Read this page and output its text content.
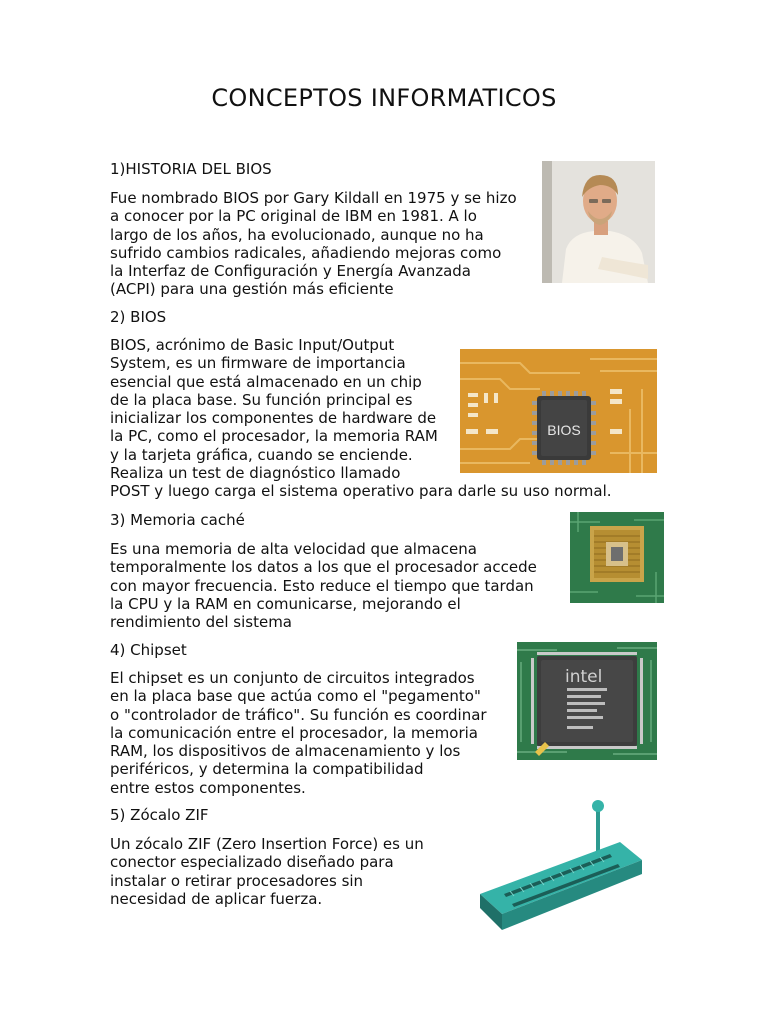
CONCEPTOS INFORMATICOS
1)HISTORIA DEL BIOS

Fue nombrado BIOS por Gary Kildall en 1975 y se hizo
a conocer por la PC original de IBM en 1981. A lo
largo de los años, ha evolucionado, aunque no ha
sufrido cambios radicales, añadiendo mejoras como
la Interfaz de Configuración y Energía Avanzada
(ACPI) para una gestión más eficiente

2) BIOS

BIOS, acrónimo de Basic Input/Output
System, es un firmware de importancia
esencial que está almacenado en un chip
de la placa base. Su función principal es
inicializar los componentes de hardware de
la PC, como el procesador, la memoria RAM
y la tarjeta gráfica, cuando se enciende.
Realiza un test de diagnóstico llamado
POST y luego carga el sistema operativo para darle su uso normal.

BIOS
3) Memoria caché

Es una memoria de alta velocidad que almacena
temporalmente los datos a los que el procesador accede
con mayor frecuencia. Esto reduce el tiempo que tardan
la CPU y la RAM en comunicarse, mejorando el
rendimiento del sistema

4) Chipset

El chipset es un conjunto de circuitos integrados
en la placa base que actúa como el "pegamento"
o "controlador de tráfico". Su función es coordinar
la comunicación entre el procesador, la memoria
RAM, los dispositivos de almacenamiento y los
periféricos, y determina la compatibilidad
entre estos componentes.

intel
5) Zócalo ZIF

Un zócalo ZIF (Zero Insertion Force) es un
conector especializado diseñado para
instalar o retirar procesadores sin
necesidad de aplicar fuerza.
